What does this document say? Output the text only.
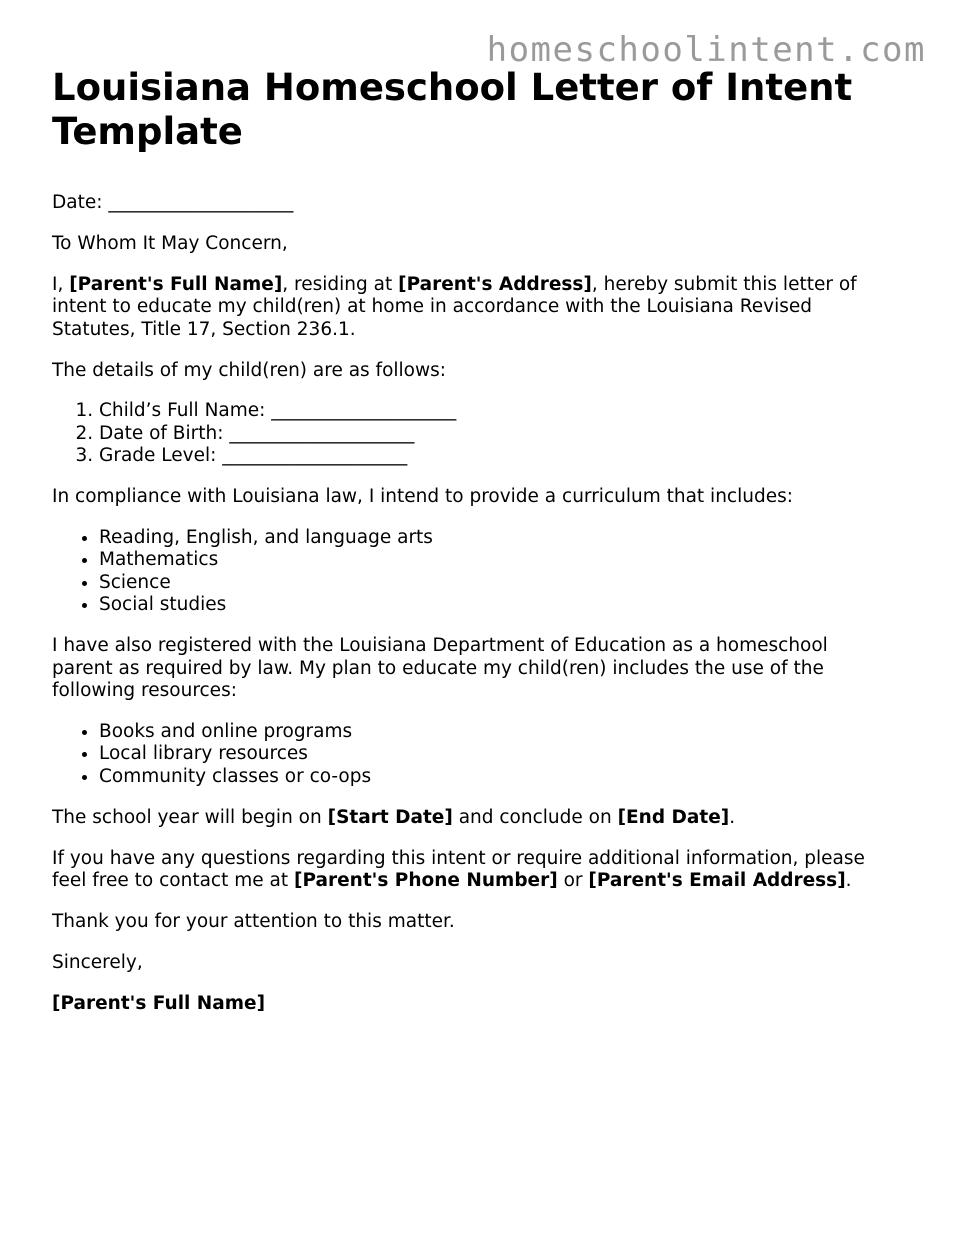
homeschoolintent.com
Louisiana Homeschool Letter of Intent Template

Date: ____________________

To Whom It May Concern,

I, [Parent's Full Name], residing at [Parent's Address], hereby submit this letter of intent to educate my child(ren) at home in accordance with the Louisiana Revised Statutes, Title 17, Section 236.1.

The details of my child(ren) are as follows:

1. Child’s Full Name: ____________________
2. Date of Birth: ____________________
3. Grade Level: ____________________

In compliance with Louisiana law, I intend to provide a curriculum that includes:

• Reading, English, and language arts
• Mathematics
• Science
• Social studies

I have also registered with the Louisiana Department of Education as a homeschool parent as required by law. My plan to educate my child(ren) includes the use of the following resources:

• Books and online programs
• Local library resources
• Community classes or co-ops

The school year will begin on [Start Date] and conclude on [End Date].

If you have any questions regarding this intent or require additional information, please feel free to contact me at [Parent's Phone Number] or [Parent's Email Address].

Thank you for your attention to this matter.

Sincerely,

[Parent's Full Name]
